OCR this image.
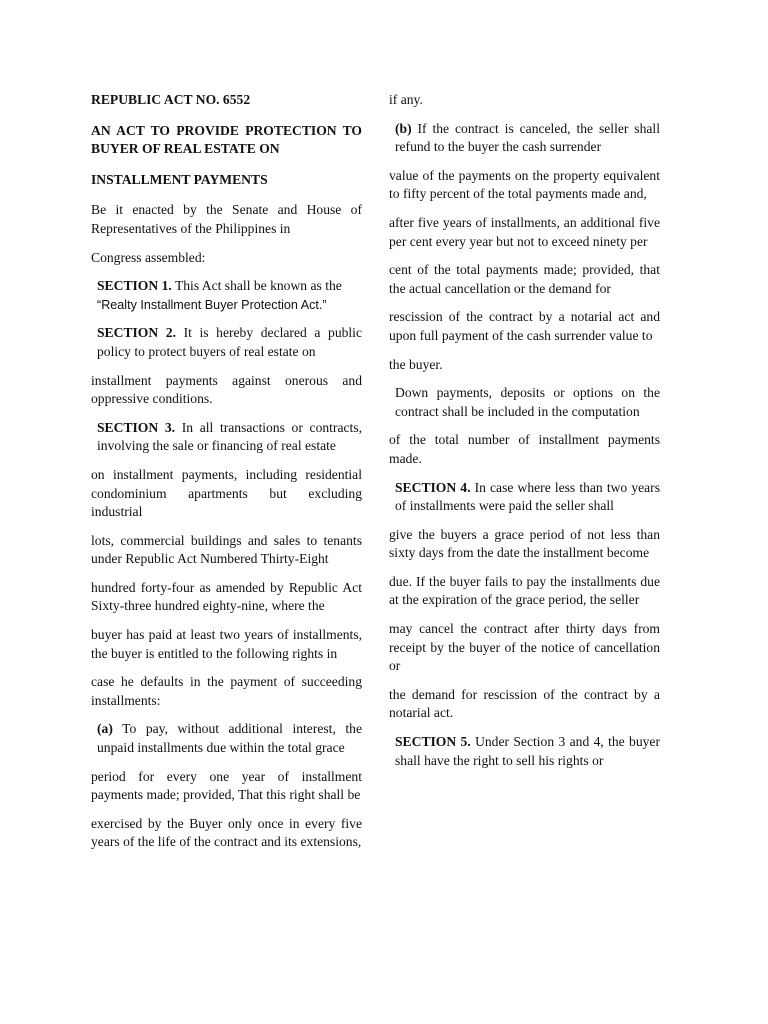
REPUBLIC ACT NO. 6552

AN ACT TO PROVIDE PROTECTION TO BUYER OF REAL ESTATE ON

INSTALLMENT PAYMENTS

Be it enacted by the Senate and House of Representatives of the Philippines in

Congress assembled:

SECTION 1. This Act shall be known as the
“Realty Installment Buyer Protection Act.”

SECTION 2. It is hereby declared a public policy to protect buyers of real estate on

installment payments against onerous and oppressive conditions.

SECTION 3. In all transactions or contracts, involving the sale or financing of real estate

on installment payments, including residential condominium apartments but excluding industrial

lots, commercial buildings and sales to tenants under Republic Act Numbered Thirty-Eight

hundred forty-four as amended by Republic Act Sixty-three hundred eighty-nine, where the

buyer has paid at least two years of installments, the buyer is entitled to the following rights in

case he defaults in the payment of succeeding installments:

(a) To pay, without additional interest, the unpaid installments due within the total grace

period for every one year of installment payments made; provided, That this right shall be

exercised by the Buyer only once in every five years of the life of the contract and its extensions,

if any.

(b) If the contract is canceled, the seller shall refund to the buyer the cash surrender

value of the payments on the property equivalent to fifty percent of the total payments made and,

after five years of installments, an additional five per cent every year but not to exceed ninety per

cent of the total payments made; provided, that the actual cancellation or the demand for

rescission of the contract by a notarial act and upon full payment of the cash surrender value to

the buyer.

Down payments, deposits or options on the contract shall be included in the computation

of the total number of installment payments made.

SECTION 4. In case where less than two years of installments were paid the seller shall

give the buyers a grace period of not less than sixty days from the date the installment become

due. If the buyer fails to pay the installments due at the expiration of the grace period, the seller

may cancel the contract after thirty days from receipt by the buyer of the notice of cancellation or

the demand for rescission of the contract by a notarial act.

SECTION 5. Under Section 3 and 4, the buyer shall have the right to sell his rights or
